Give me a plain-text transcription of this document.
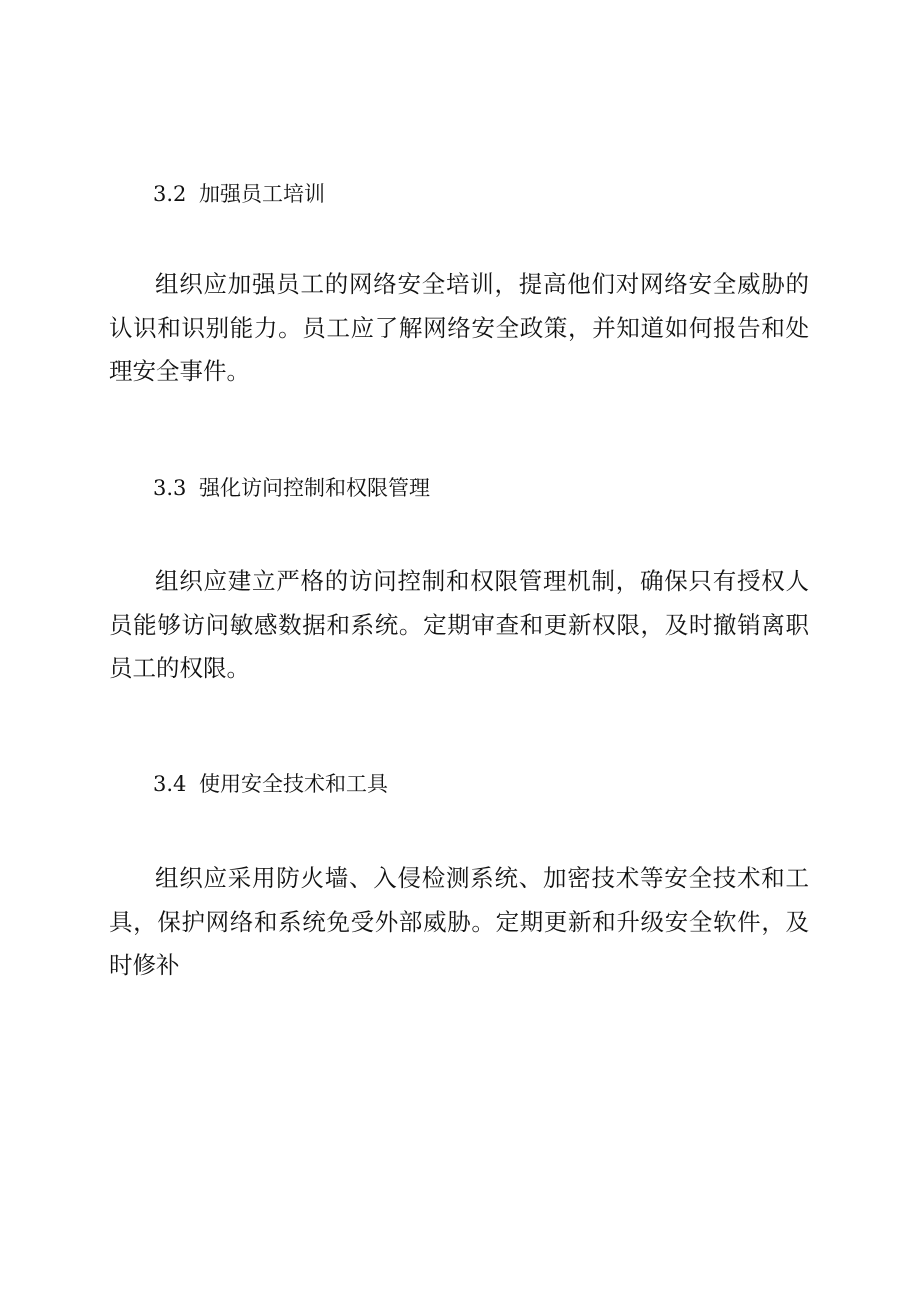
3.2 加强员工培训
组织应加强员工的网络安全培训，提高他们对网络安全威胁的认识和识别能力。员工应了解网络安全政策，并知道如何报告和处理安全事件。
3.3 强化访问控制和权限管理
组织应建立严格的访问控制和权限管理机制，确保只有授权人员能够访问敏感数据和系统。定期审查和更新权限，及时撤销离职员工的权限。
3.4 使用安全技术和工具
组织应采用防火墙、入侵检测系统、加密技术等安全技术和工具，保护网络和系统免受外部威胁。定期更新和升级安全软件，及时修补
